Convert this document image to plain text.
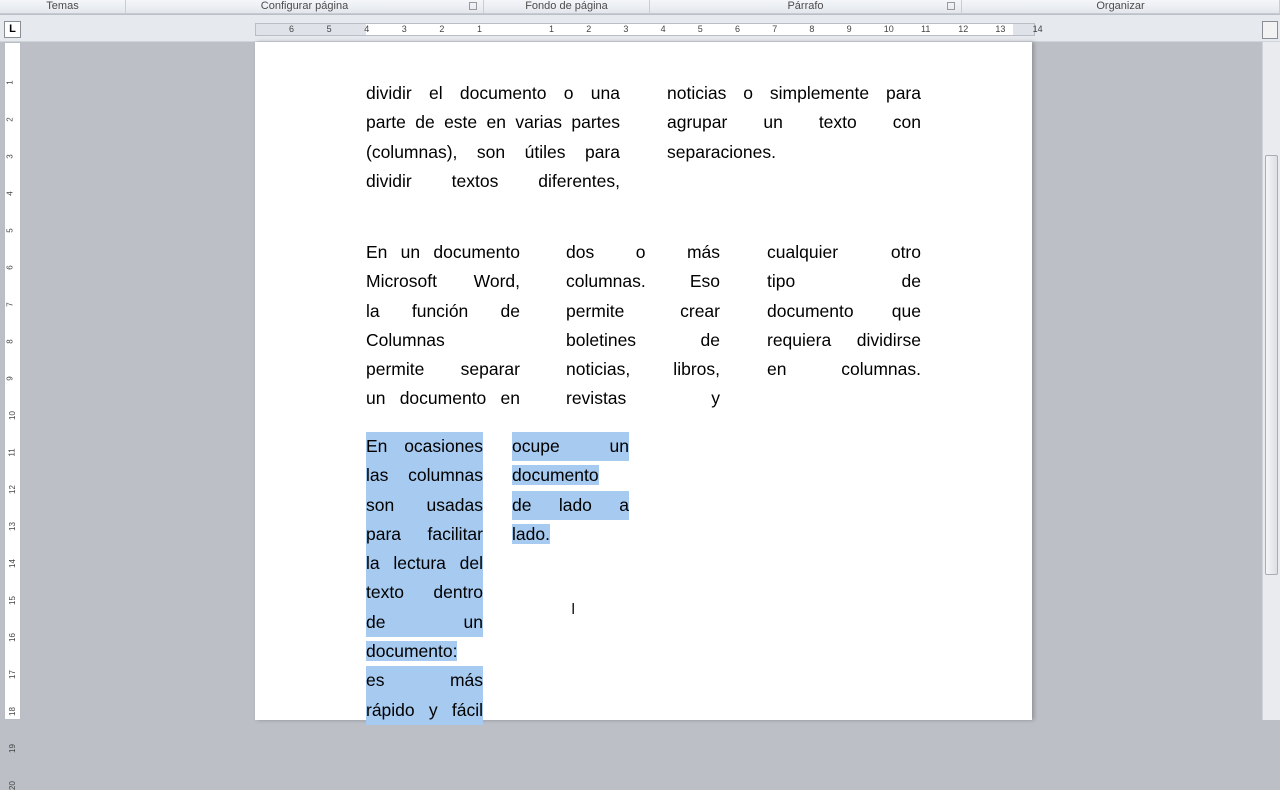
Temas	Configurar página	Fondo de página	Párrafo	Organizar
L	6	5	4	3	2	1	1	2	3	4	5	6	7	8	9	10	11	12	13	14
1
2
3
4
5
6
7
8
9
10
11
12
13
14
15
16
17
18
19
20
dividir el documento o una
parte de este en varias partes
(columnas), son útiles para
dividir textos diferentes,
noticias o simplemente para
agrupar un texto con
separaciones.
En un documento
Microsoft Word,
la función de
Columnas
permite separar
un documento en
dos o más
columnas. Eso
permite crear
boletines de
noticias, libros,
revistas y
cualquier otro
tipo de
documento que
requiera dividirse
en columnas.
En ocasiones
las columnas
son usadas
para facilitar
la lectura del
texto dentro
de un
documento:
es más
rápido y fácil
ocupe un
documento
de lado a
lado.
I
